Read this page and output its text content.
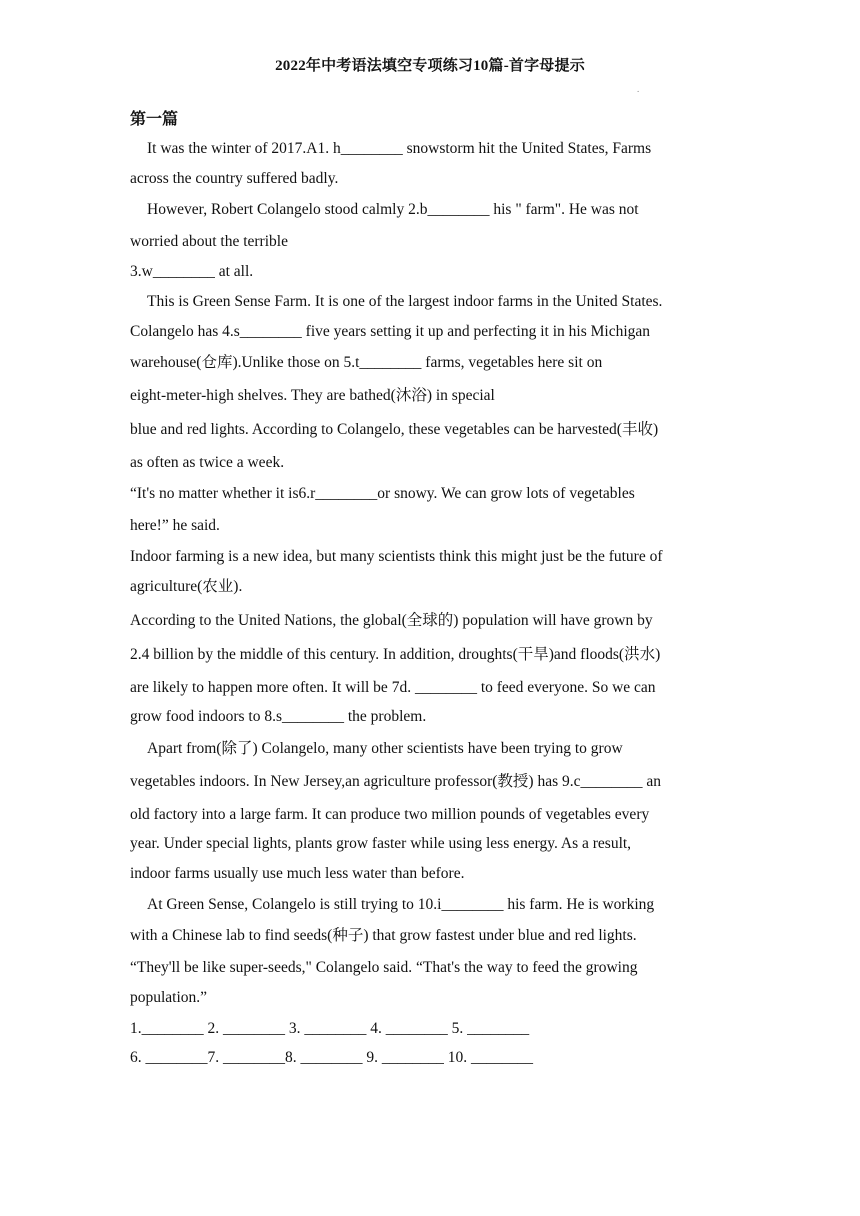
2022年中考语法填空专项练习10篇-首字母提示
.
第一篇
It was the winter of 2017.A1. h________ snowstorm hit the United States, Farms
across the country suffered badly.
However, Robert Colangelo stood calmly 2.b________ his " farm". He was not
worried about the terrible
3.w________ at all.
This is Green Sense Farm. It is one of the largest indoor farms in the United States.
Colangelo has 4.s________ five years setting it up and perfecting it in his Michigan
warehouse(仓库).Unlike those on 5.t________ farms, vegetables here sit on
eight-meter-high shelves. They are bathed(沐浴) in special
blue and red lights. According to Colangelo, these vegetables can be harvested(丰收)
as often as twice a week.
“It's no matter whether it is6.r________or snowy. We can grow lots of vegetables
here!” he said.
Indoor farming is a new idea, but many scientists think this might just be the future of
agriculture(农业).
According to the United Nations, the global(全球的) population will have grown by
2.4 billion by the middle of this century. In addition, droughts(干旱)and floods(洪水)
are likely to happen more often. It will be 7d. ________ to feed everyone. So we can
grow food indoors to 8.s________ the problem.
Apart from(除了) Colangelo, many other scientists have been trying to grow
vegetables indoors. In New Jersey,an agriculture professor(教授) has 9.c________ an
old factory into a large farm. It can produce two million pounds of vegetables every
year. Under special lights, plants grow faster while using less energy. As a result,
indoor farms usually use much less water than before.
At Green Sense, Colangelo is still trying to 10.i________ his farm. He is working
with a Chinese lab to find seeds(种子) that grow fastest under blue and red lights.
“They'll be like super-seeds," Colangelo said. “That's the way to feed the growing
population.”
1.________ 2. ________ 3. ________ 4. ________ 5. ________
6. ________7. ________8. ________ 9. ________ 10. ________
